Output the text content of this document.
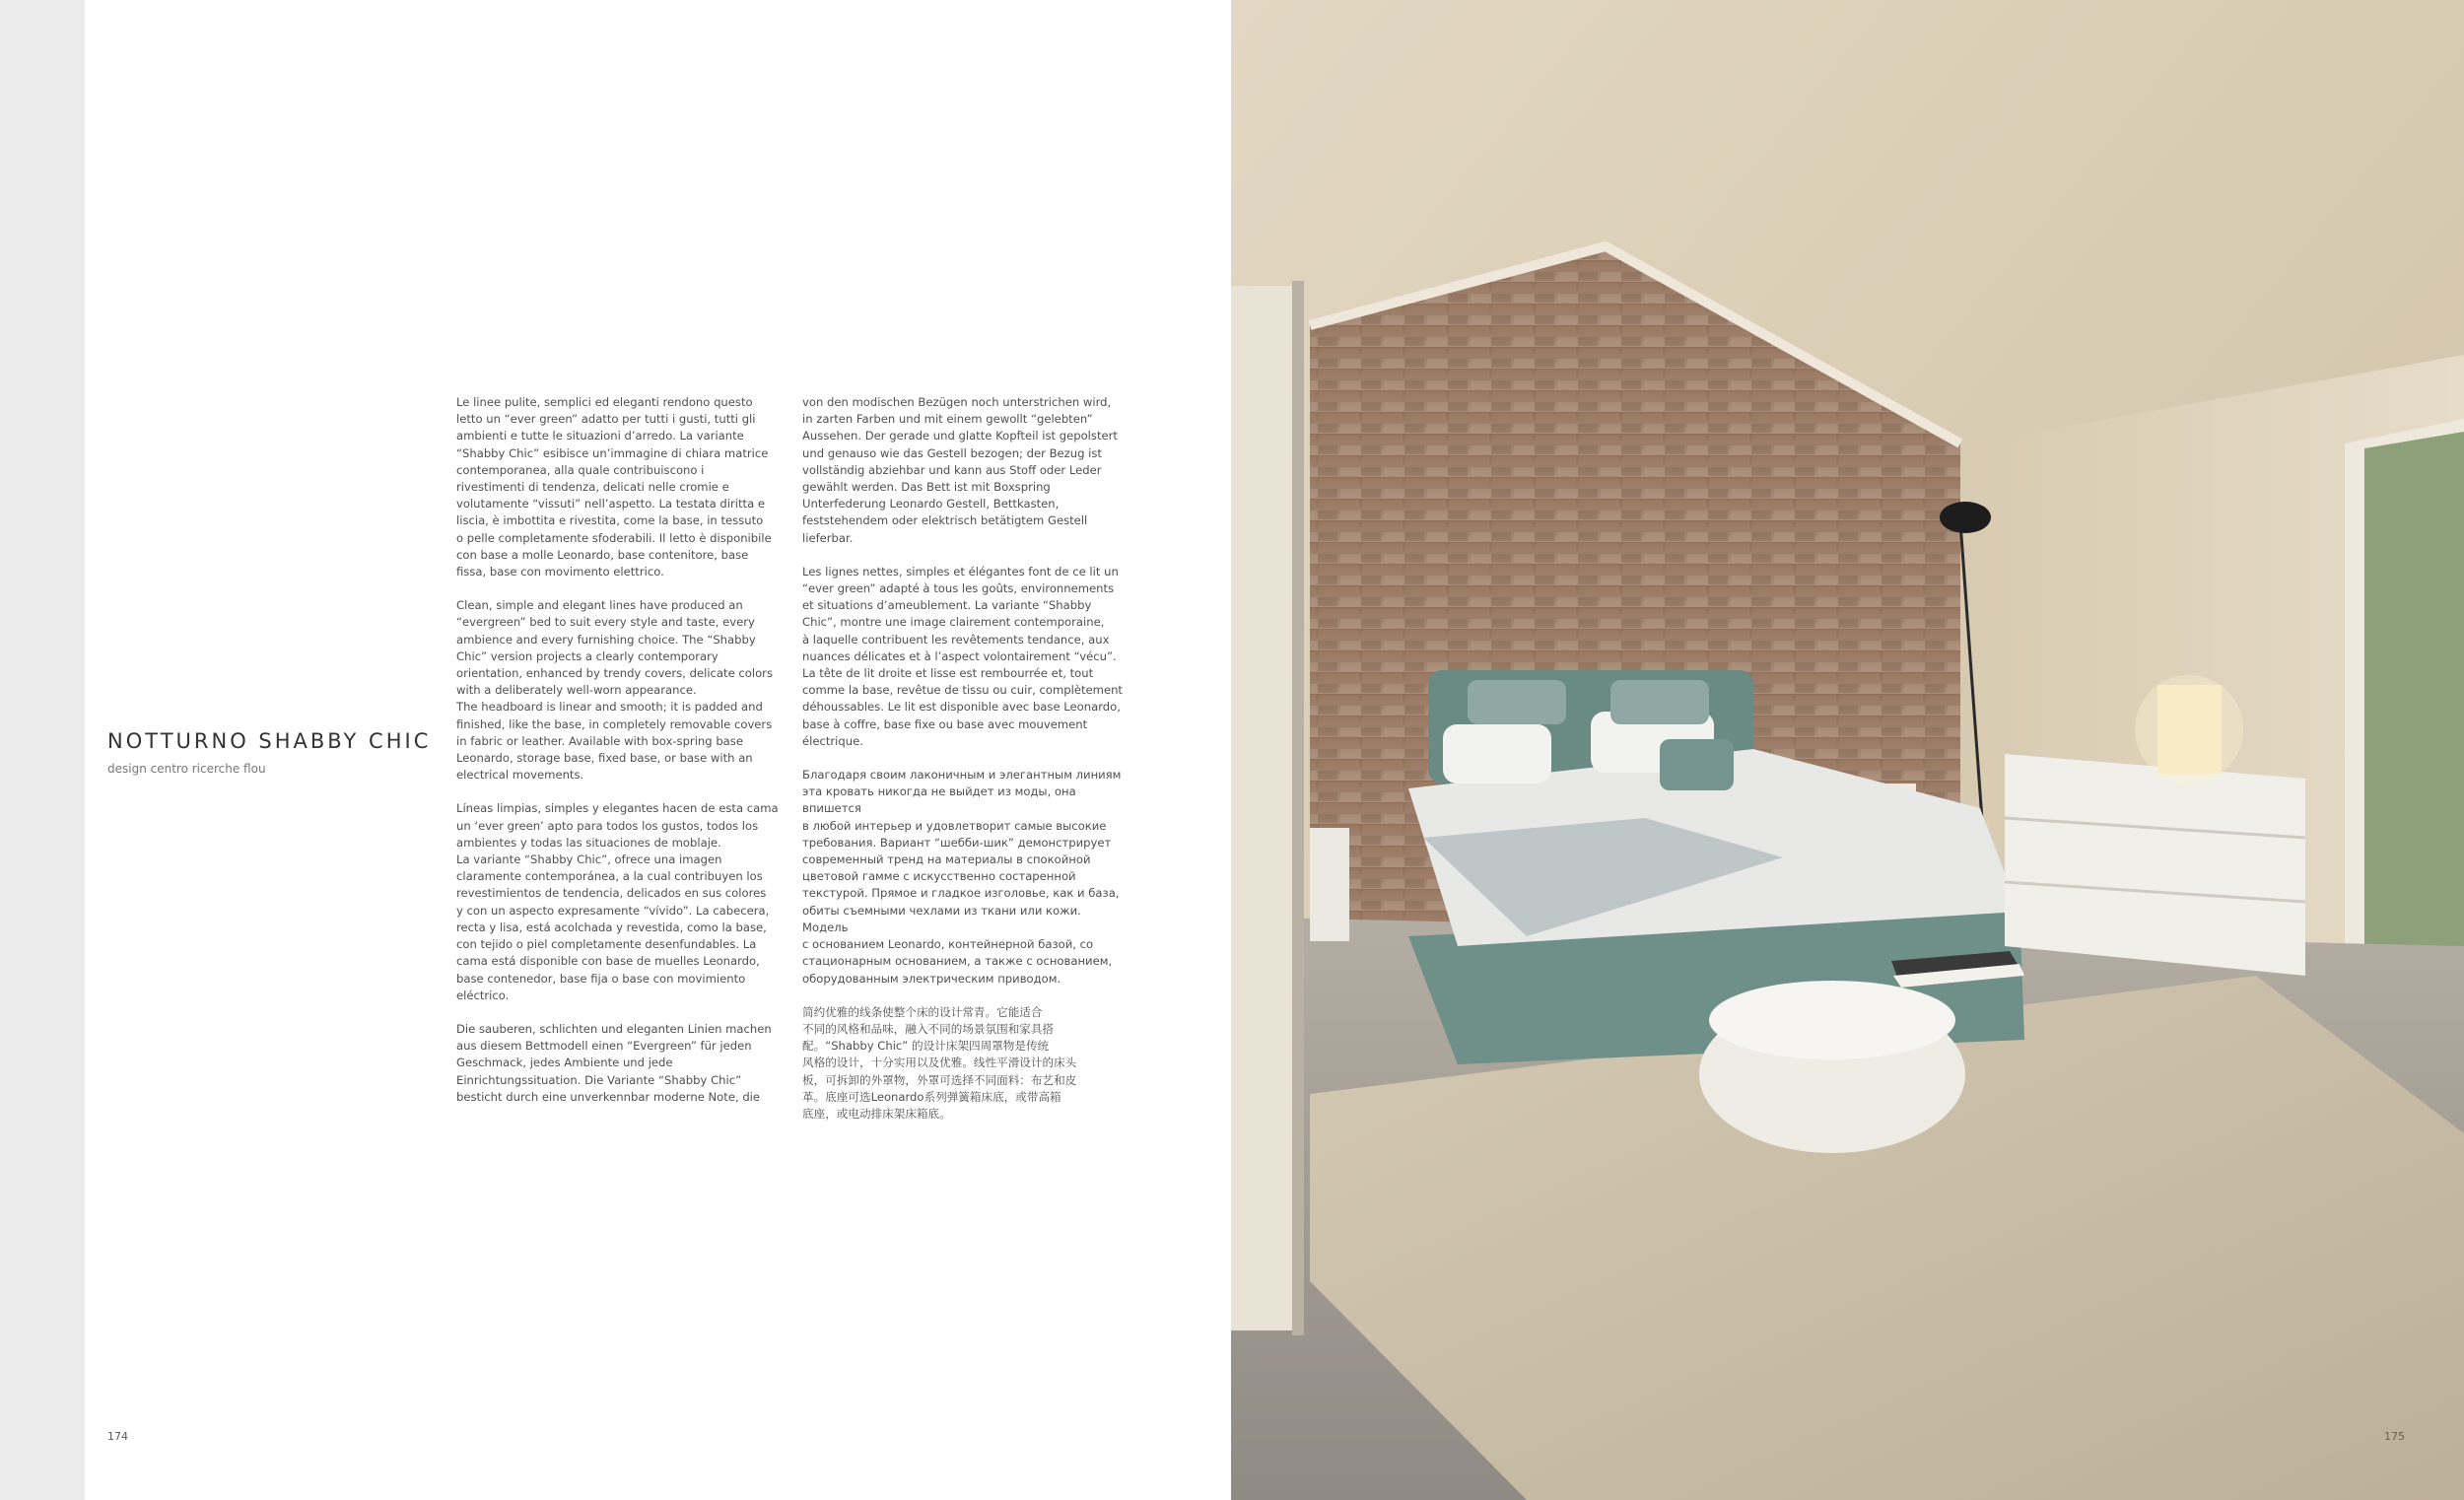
NOTTURNO SHABBY CHIC
design centro ricerche flou

Le linee pulite, semplici ed eleganti rendono questo
letto un “ever green” adatto per tutti i gusti, tutti gli
ambienti e tutte le situazioni d’arredo. La variante
“Shabby Chic” esibisce un’immagine di chiara matrice
contemporanea, alla quale contribuiscono i
rivestimenti di tendenza, delicati nelle cromie e
volutamente “vissuti” nell’aspetto. La testata diritta e
liscia, è imbottita e rivestita, come la base, in tessuto
o pelle completamente sfoderabili. Il letto è disponibile
con base a molle Leonardo, base contenitore, base
fissa, base con movimento elettrico.

Clean, simple and elegant lines have produced an
“evergreen” bed to suit every style and taste, every
ambience and every furnishing choice. The “Shabby
Chic” version projects a clearly contemporary
orientation, enhanced by trendy covers, delicate colors
with a deliberately well-worn appearance.
The headboard is linear and smooth; it is padded and
finished, like the base, in completely removable covers
in fabric or leather. Available with box-spring base
Leonardo, storage base, fixed base, or base with an
electrical movements.

Líneas limpias, simples y elegantes hacen de esta cama
un ‘ever green’ apto para todos los gustos, todos los
ambientes y todas las situaciones de moblaje.
La variante “Shabby Chic”, ofrece una imagen
claramente contemporánea, a la cual contribuyen los
revestimientos de tendencia, delicados en sus colores
y con un aspecto expresamente “vívido”. La cabecera,
recta y lisa, está acolchada y revestida, como la base,
con tejido o piel completamente desenfundables. La
cama está disponible con base de muelles Leonardo,
base contenedor, base fija o base con movimiento
eléctrico.

Die sauberen, schlichten und eleganten Linien machen
aus diesem Bettmodell einen “Evergreen” für jeden
Geschmack, jedes Ambiente und jede
Einrichtungssituation. Die Variante “Shabby Chic”
besticht durch eine unverkennbar moderne Note, die

von den modischen Bezügen noch unterstrichen wird,
in zarten Farben und mit einem gewollt “gelebten”
Aussehen. Der gerade und glatte Kopfteil ist gepolstert
und genauso wie das Gestell bezogen; der Bezug ist
vollständig abziehbar und kann aus Stoff oder Leder
gewählt werden. Das Bett ist mit Boxspring
Unterfederung Leonardo Gestell, Bettkasten,
feststehendem oder elektrisch betätigtem Gestell
lieferbar.

Les lignes nettes, simples et élégantes font de ce lit un
“ever green” adapté à tous les goûts, environnements
et situations d’ameublement. La variante “Shabby
Chic”, montre une image clairement contemporaine,
à laquelle contribuent les revêtements tendance, aux
nuances délicates et à l’aspect volontairement “vécu”.
La tête de lit droite et lisse est rembourrée et, tout
comme la base, revêtue de tissu ou cuir, complètement
déhoussables. Le lit est disponible avec base Leonardo,
base à coffre, base fixe ou base avec mouvement
électrique.

Благодаря своим лаконичным и элегантным линиям
эта кровать никогда не выйдет из моды, она впишется
в любой интерьер и удовлетворит самые высокие
требования. Вариант “шебби-шик” демонстрирует
современный тренд на материалы в спокойной
цветовой гамме с искусственно состаренной
текстурой. Прямое и гладкое изголовье, как и база,
обиты съемными чехлами из ткани или кожи. Модель
с основанием Leonardo, контейнерной базой, со
стационарным основанием, а также с основанием,
оборудованным электрическим приводом.

简约优雅的线条使整个床的设计常青。它能适合
不同的风格和品味，融入不同的场景氛围和家具搭
配。“Shabby Chic” 的设计床架四周罩物是传统
风格的设计，十分实用以及优雅。线性平滑设计的床头
板，可拆卸的外罩物，外罩可选择不同面料：布艺和皮
革。底座可选Leonardo系列弹簧箱床底，或带高箱
底座，或电动排床架床箱底。

174	175
